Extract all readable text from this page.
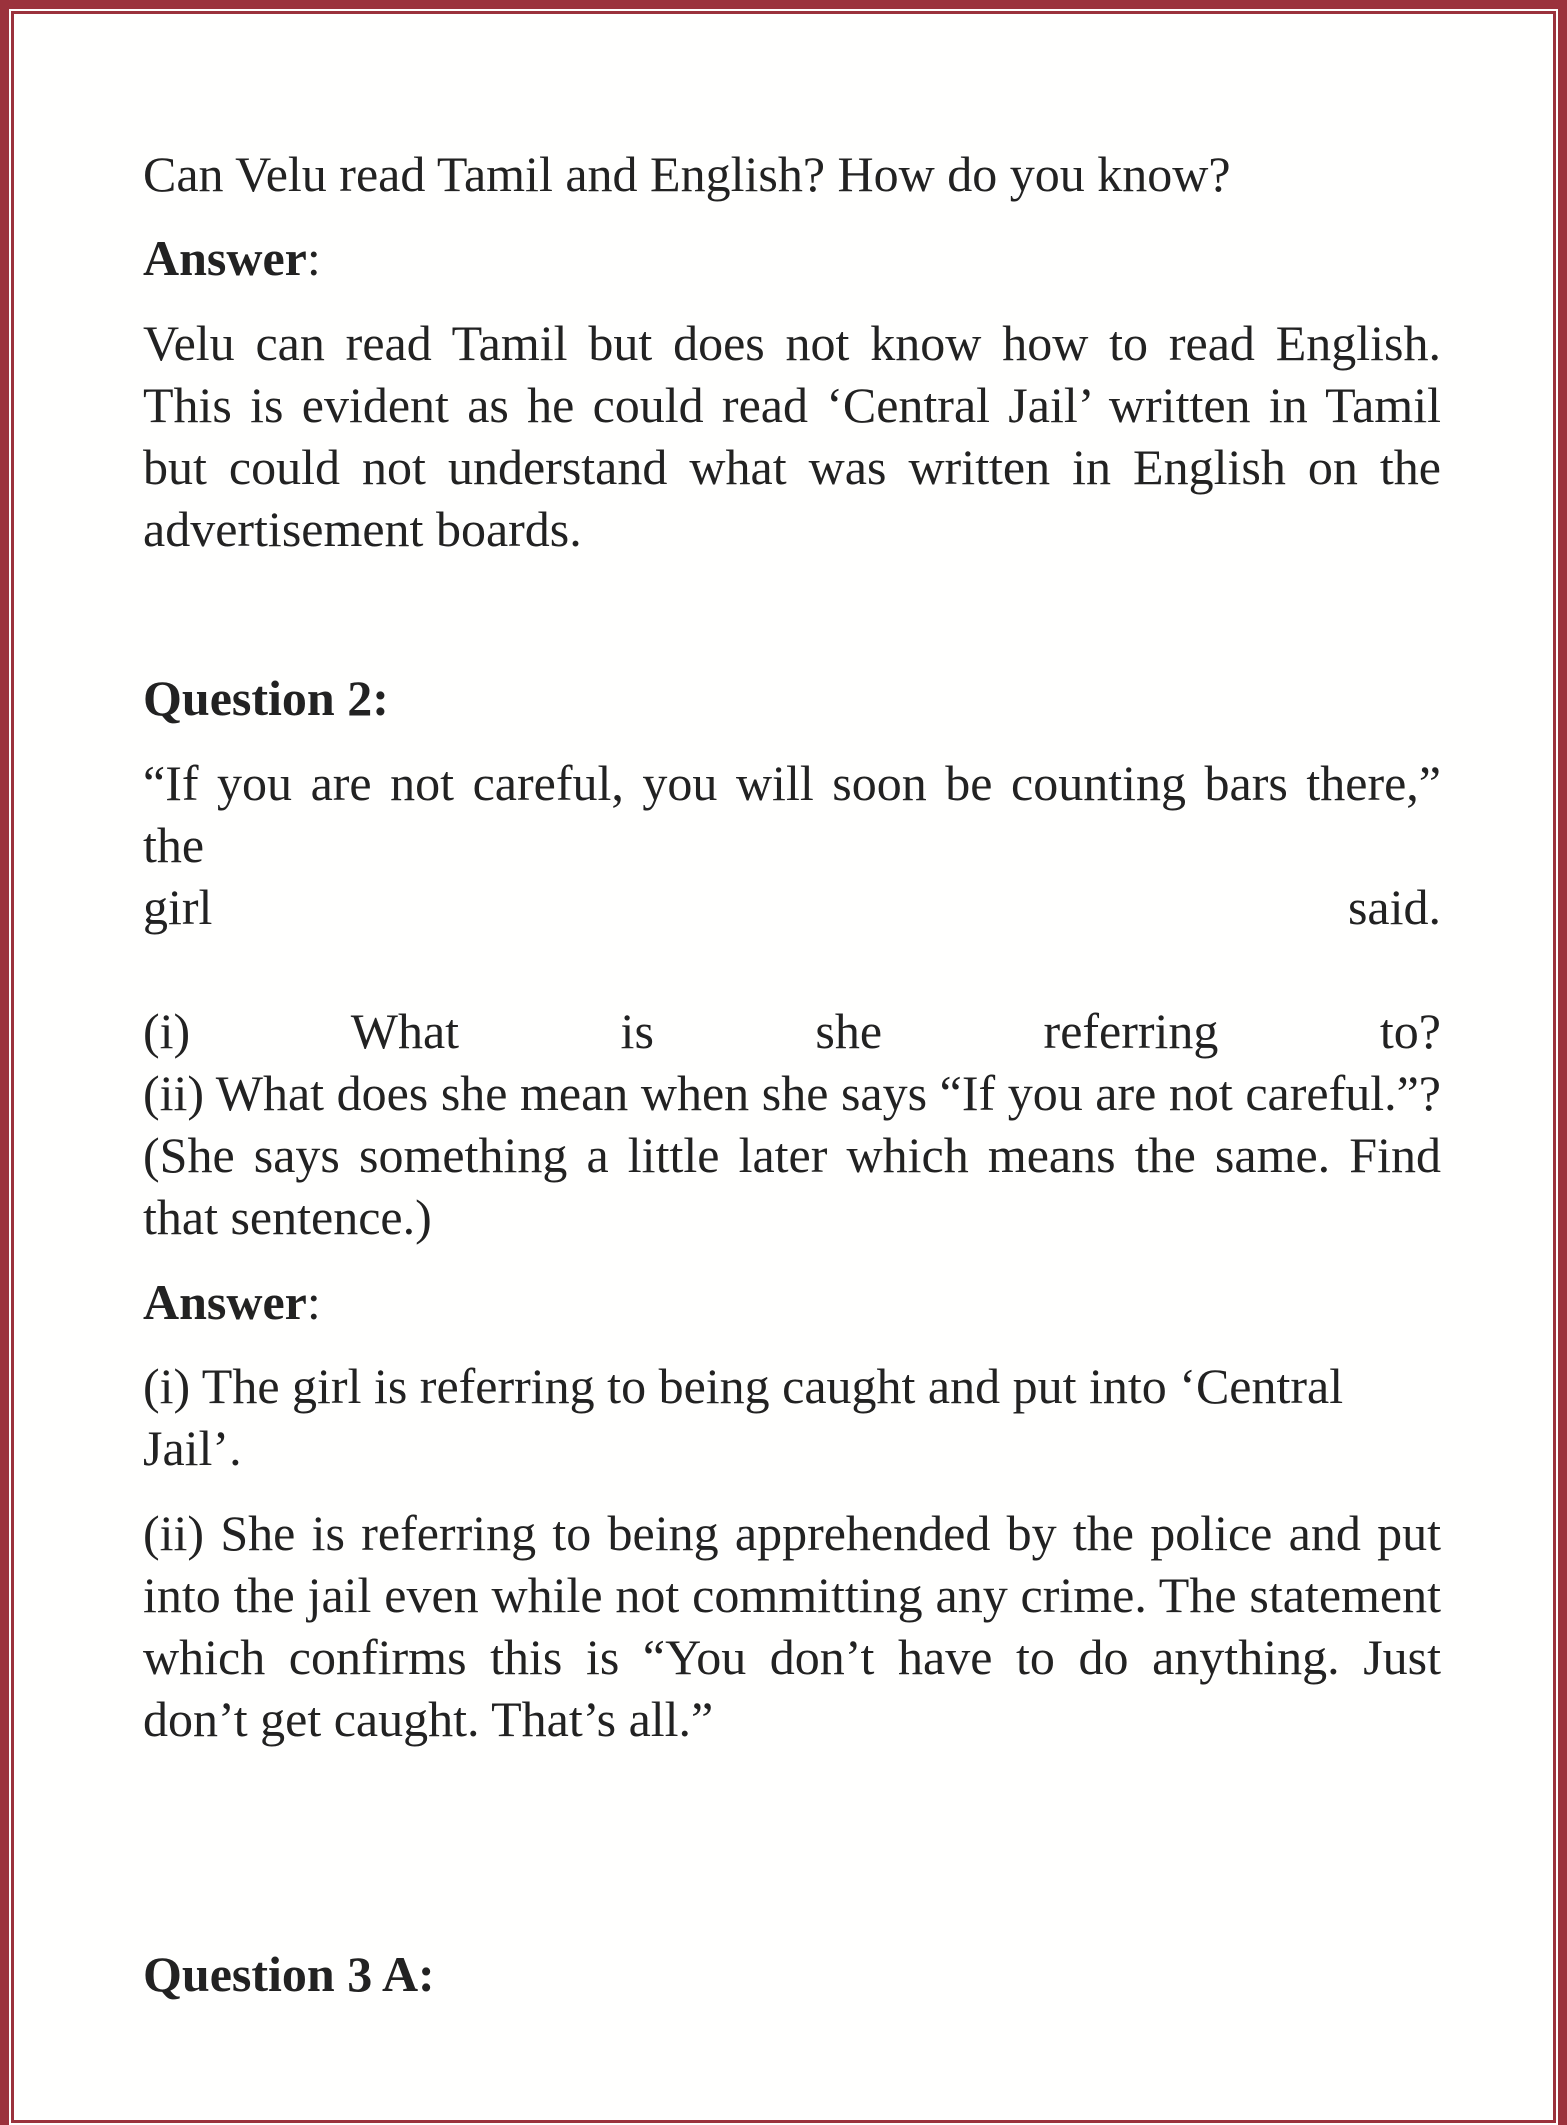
Can Velu read Tamil and English? How do you know?
Answer:
Velu can read Tamil but does not know how to read English. This is evident as he could read ‘Central Jail’ written in Tamil but could not understand what was written in English on the advertisement boards.
Question 2:
“If you are not careful, you will soon be counting bars there,” the
girl said.
(i) What is she referring to?
(ii) What does she mean when she says “If you are not careful.”? (She says something a little later which means the same. Find that sentence.)
Answer:
(i) The girl is referring to being caught and put into ‘Central Jail’.
(ii) She is referring to being apprehended by the police and put into the jail even while not committing any crime. The statement which confirms this is “You don’t have to do anything. Just don’t get caught. That’s all.”
Question 3 A:
